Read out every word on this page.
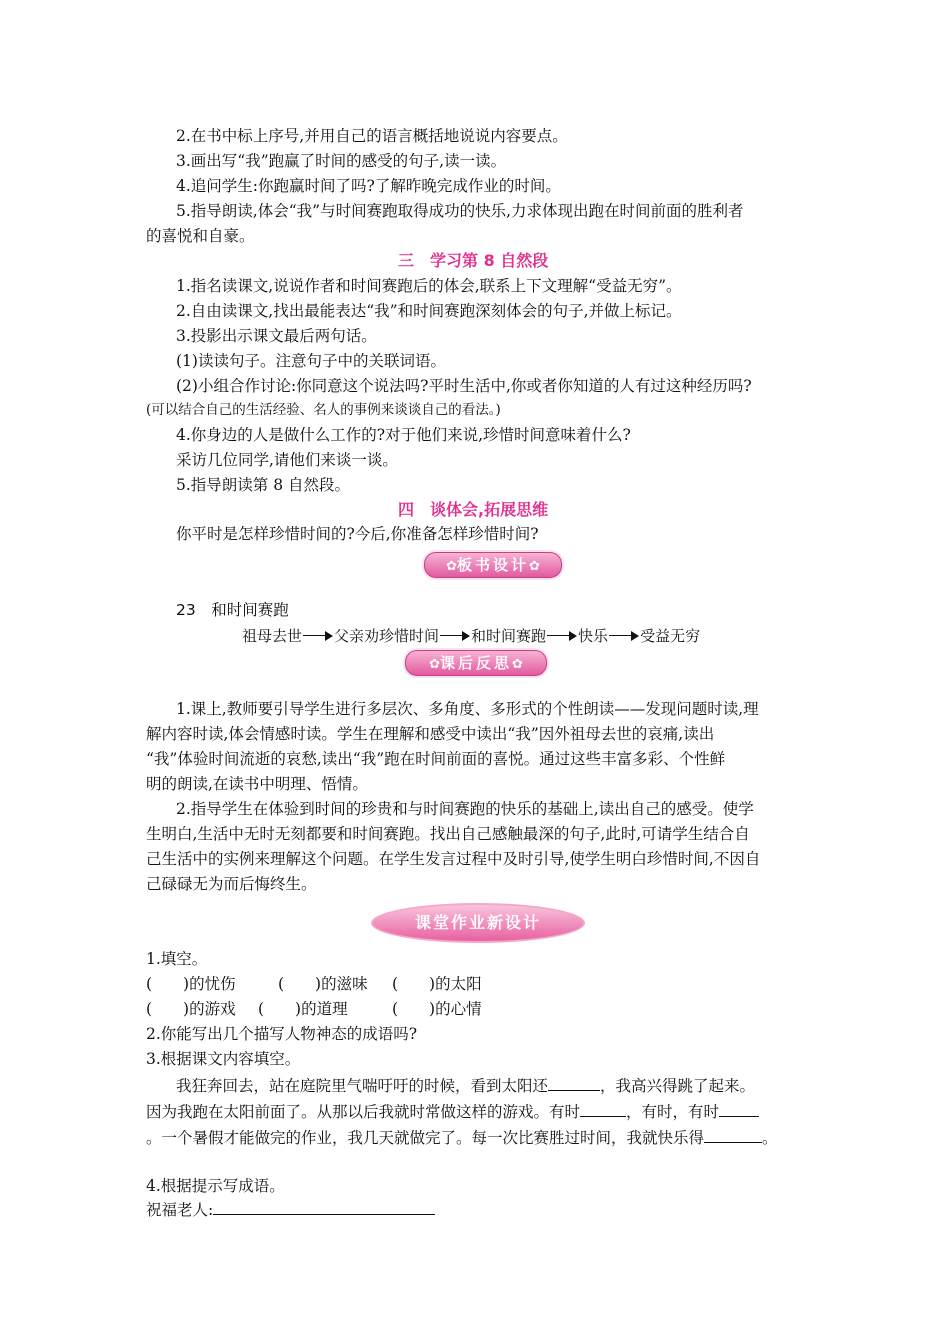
2.在书中标上序号,并用自己的语言概括地说说内容要点。
3.画出写“我”跑赢了时间的感受的句子,读一读。
4.追问学生:你跑赢时间了吗?了解昨晚完成作业的时间。
5.指导朗读,体会“我”与时间赛跑取得成功的快乐,力求体现出跑在时间前面的胜利者
的喜悦和自豪。
三　学习第 8 自然段
1.指名读课文,说说作者和时间赛跑后的体会,联系上下文理解“受益无穷”。
2.自由读课文,找出最能表达“我”和时间赛跑深刻体会的句子,并做上标记。
3.投影出示课文最后两句话。
(1)读读句子。注意句子中的关联词语。
(2)小组合作讨论:你同意这个说法吗?平时生活中,你或者你知道的人有过这种经历吗?
(可以结合自己的生活经验、名人的事例来谈谈自己的看法。)
4.你身边的人是做什么工作的?对于他们来说,珍惜时间意味着什么?
采访几位同学,请他们来谈一谈。
5.指导朗读第 8 自然段。
四　谈体会,拓展思维
你平时是怎样珍惜时间的?今后,你准备怎样珍惜时间?
✿板书设计✿
23　和时间赛跑
祖母去世 父亲劝珍惜时间 和时间赛跑 快乐 受益无穷
✿课后反思✿
1.课上,教师要引导学生进行多层次、多角度、多形式的个性朗读——发现问题时读,理
解内容时读,体会情感时读。学生在理解和感受中读出“我”因外祖母去世的哀痛,读出
“我”体验时间流逝的哀愁,读出“我”跑在时间前面的喜悦。通过这些丰富多彩、个性鲜
明的朗读,在读书中明理、悟情。
2.指导学生在体验到时间的珍贵和与时间赛跑的快乐的基础上,读出自己的感受。使学
生明白,生活中无时无刻都要和时间赛跑。找出自己感触最深的句子,此时,可请学生结合自
己生活中的实例来理解这个问题。在学生发言过程中及时引导,使学生明白珍惜时间,不因自
己碌碌无为而后悔终生。
课堂作业新设计
1.填空。
(　　)的忧伤	(　　)的滋味 (　　)的太阳
(　　)的游戏 (　　)的道理	(　　)的心情
2.你能写出几个描写人物神态的成语吗?
3.根据课文内容填空。
我狂奔回去，站在庭院里气喘吁吁的时候，看到太阳还	，我高兴得跳了起来。
因为我跑在太阳前面了。从那以后我就时常做这样的游戏。有时	，有时，有时
。一个暑假才能做完的作业，我几天就做完了。每一次比赛胜过时间，我就快乐得	。
4.根据提示写成语。
祝福老人:
